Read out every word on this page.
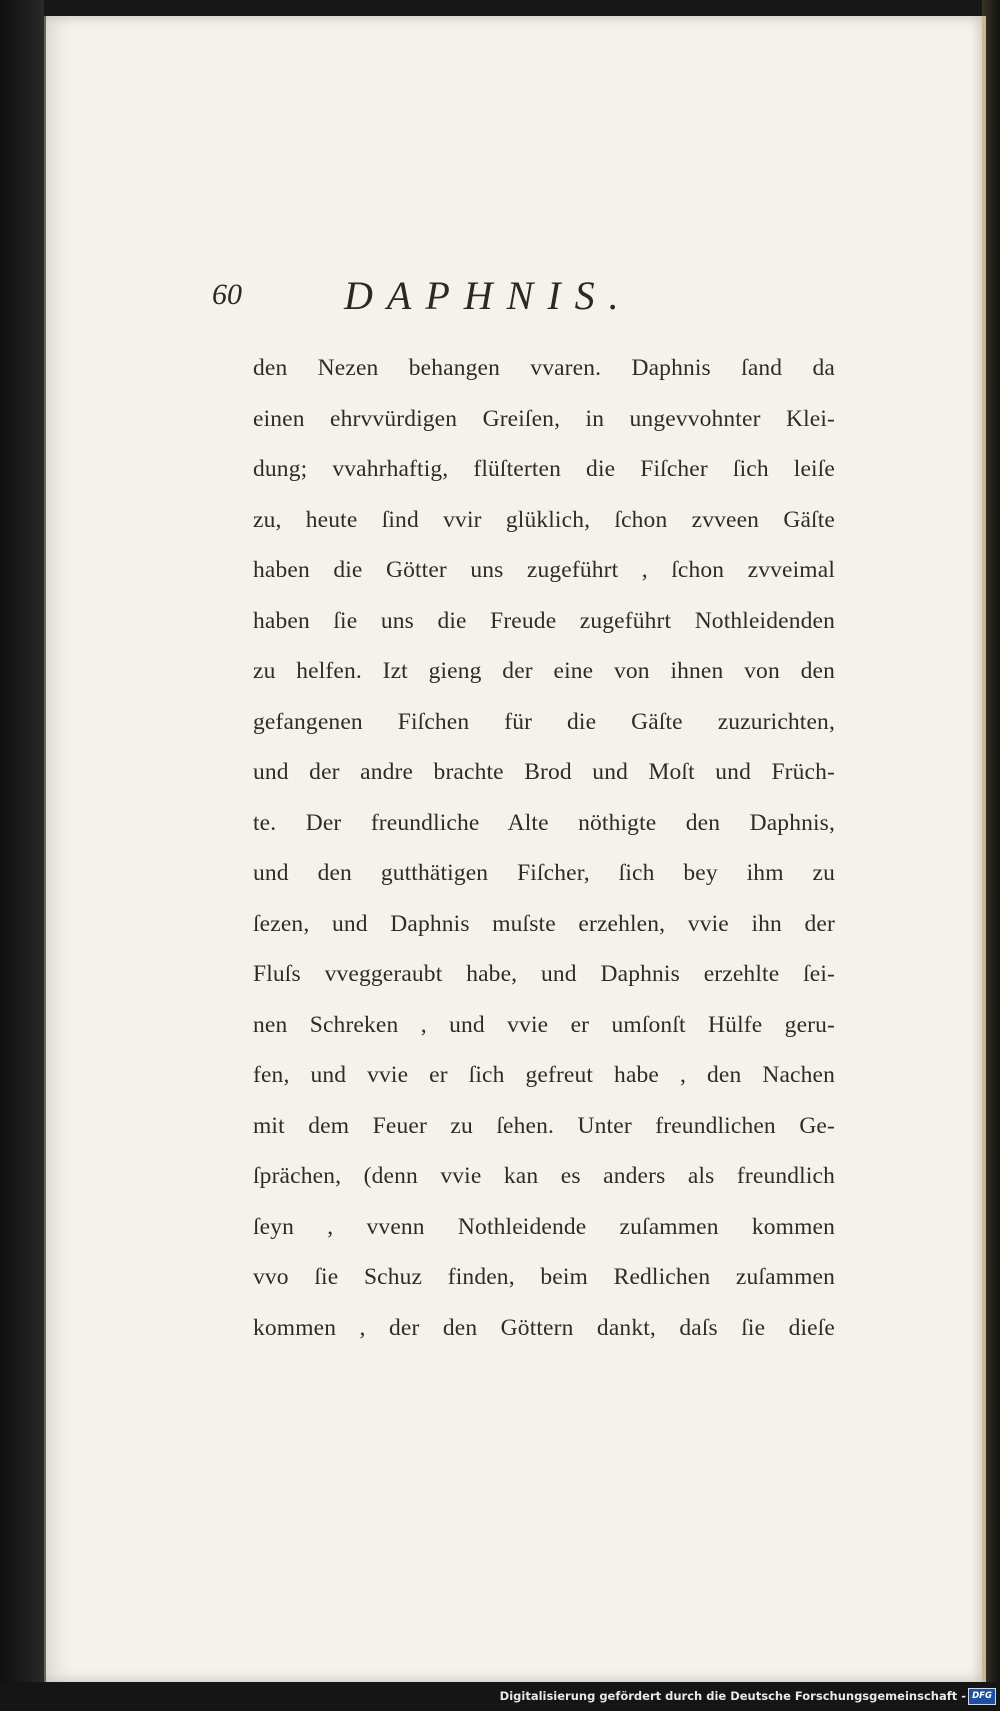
60	DAPHNIS.
den Nezen behangen vvaren. Daphnis ſand da
einen ehrvvürdigen Greiſen, in ungevvohnter Klei-
dung; vvahrhaftig, flüſterten die Fiſcher ſich leiſe
zu, heute ſind vvir glüklich, ſchon zvveen Gäſte
haben die Götter uns zugeführt , ſchon zvveimal
haben ſie uns die Freude zugeführt Nothleidenden
zu helfen. Izt gieng der eine von ihnen von den
gefangenen Fiſchen für die Gäſte zuzurichten,
und der andre brachte Brod und Moſt und Früch-
te. Der freundliche Alte nöthigte den Daphnis,
und den gutthätigen Fiſcher, ſich bey ihm zu
ſezen, und Daphnis muſste erzehlen, vvie ihn der
Fluſs vveggeraubt habe, und Daphnis erzehlte ſei-
nen Schreken , und vvie er umſonſt Hülfe geru-
fen, und vvie er ſich gefreut habe , den Nachen
mit dem Feuer zu ſehen. Unter freundlichen Ge-
ſprächen, (denn vvie kan es anders als freundlich
ſeyn , vvenn Nothleidende zuſammen kommen
vvo ſie Schuz finden, beim Redlichen zuſammen
kommen , der den Göttern dankt, daſs ſie dieſe
Digitalisierung gefördert durch die Deutsche Forschungsgemeinschaft - DFG
